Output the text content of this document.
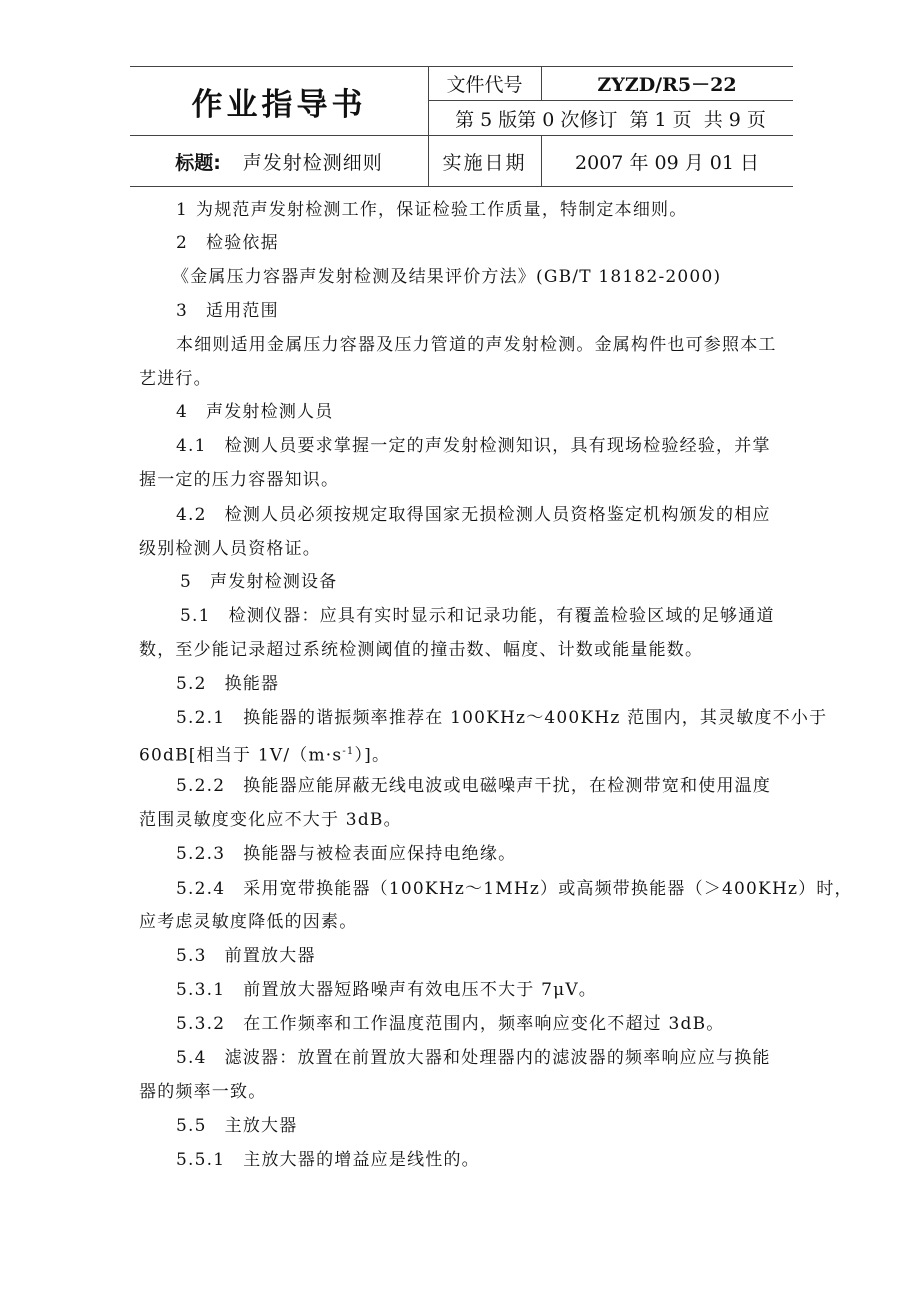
作业指导书
文件代号	ZYZD/R5－22
第 5 版第 0 次修订  第 1 页  共 9 页
标题: 声发射检测细则	实施日期	2007 年 09 月 01 日
1 为规范声发射检测工作，保证检验工作质量，特制定本细则。
2 检验依据
《金属压力容器声发射检测及结果评价方法》(GB/T 18182-2000)
3 适用范围
本细则适用金属压力容器及压力管道的声发射检测。金属构件也可参照本工
艺进行。
4 声发射检测人员
4.1 检测人员要求掌握一定的声发射检测知识，具有现场检验经验，并掌
握一定的压力容器知识。
4.2 检测人员必须按规定取得国家无损检测人员资格鉴定机构颁发的相应
级别检测人员资格证。
5 声发射检测设备
5.1 检测仪器：应具有实时显示和记录功能，有覆盖检验区域的足够通道
数，至少能记录超过系统检测阈值的撞击数、幅度、计数或能量能数。
5.2 换能器
5.2.1 换能器的谐振频率推荐在 100KHz～400KHz 范围内，其灵敏度不小于
60dB[相当于 $1V/(m\cdot s^{-1})$]。
5.2.2 换能器应能屏蔽无线电波或电磁噪声干扰，在检测带宽和使用温度
范围灵敏度变化应不大于 3dB。
5.2.3 换能器与被检表面应保持电绝缘。
5.2.4 采用宽带换能器（100KHz～1MHz）或高频带换能器（＞400KHz）时，
应考虑灵敏度降低的因素。
5.3 前置放大器
5.3.1 前置放大器短路噪声有效电压不大于 7μV。
5.3.2 在工作频率和工作温度范围内，频率响应变化不超过 3dB。
5.4 滤波器：放置在前置放大器和处理器内的滤波器的频率响应应与换能
器的频率一致。
5.5 主放大器
5.5.1 主放大器的增益应是线性的。
